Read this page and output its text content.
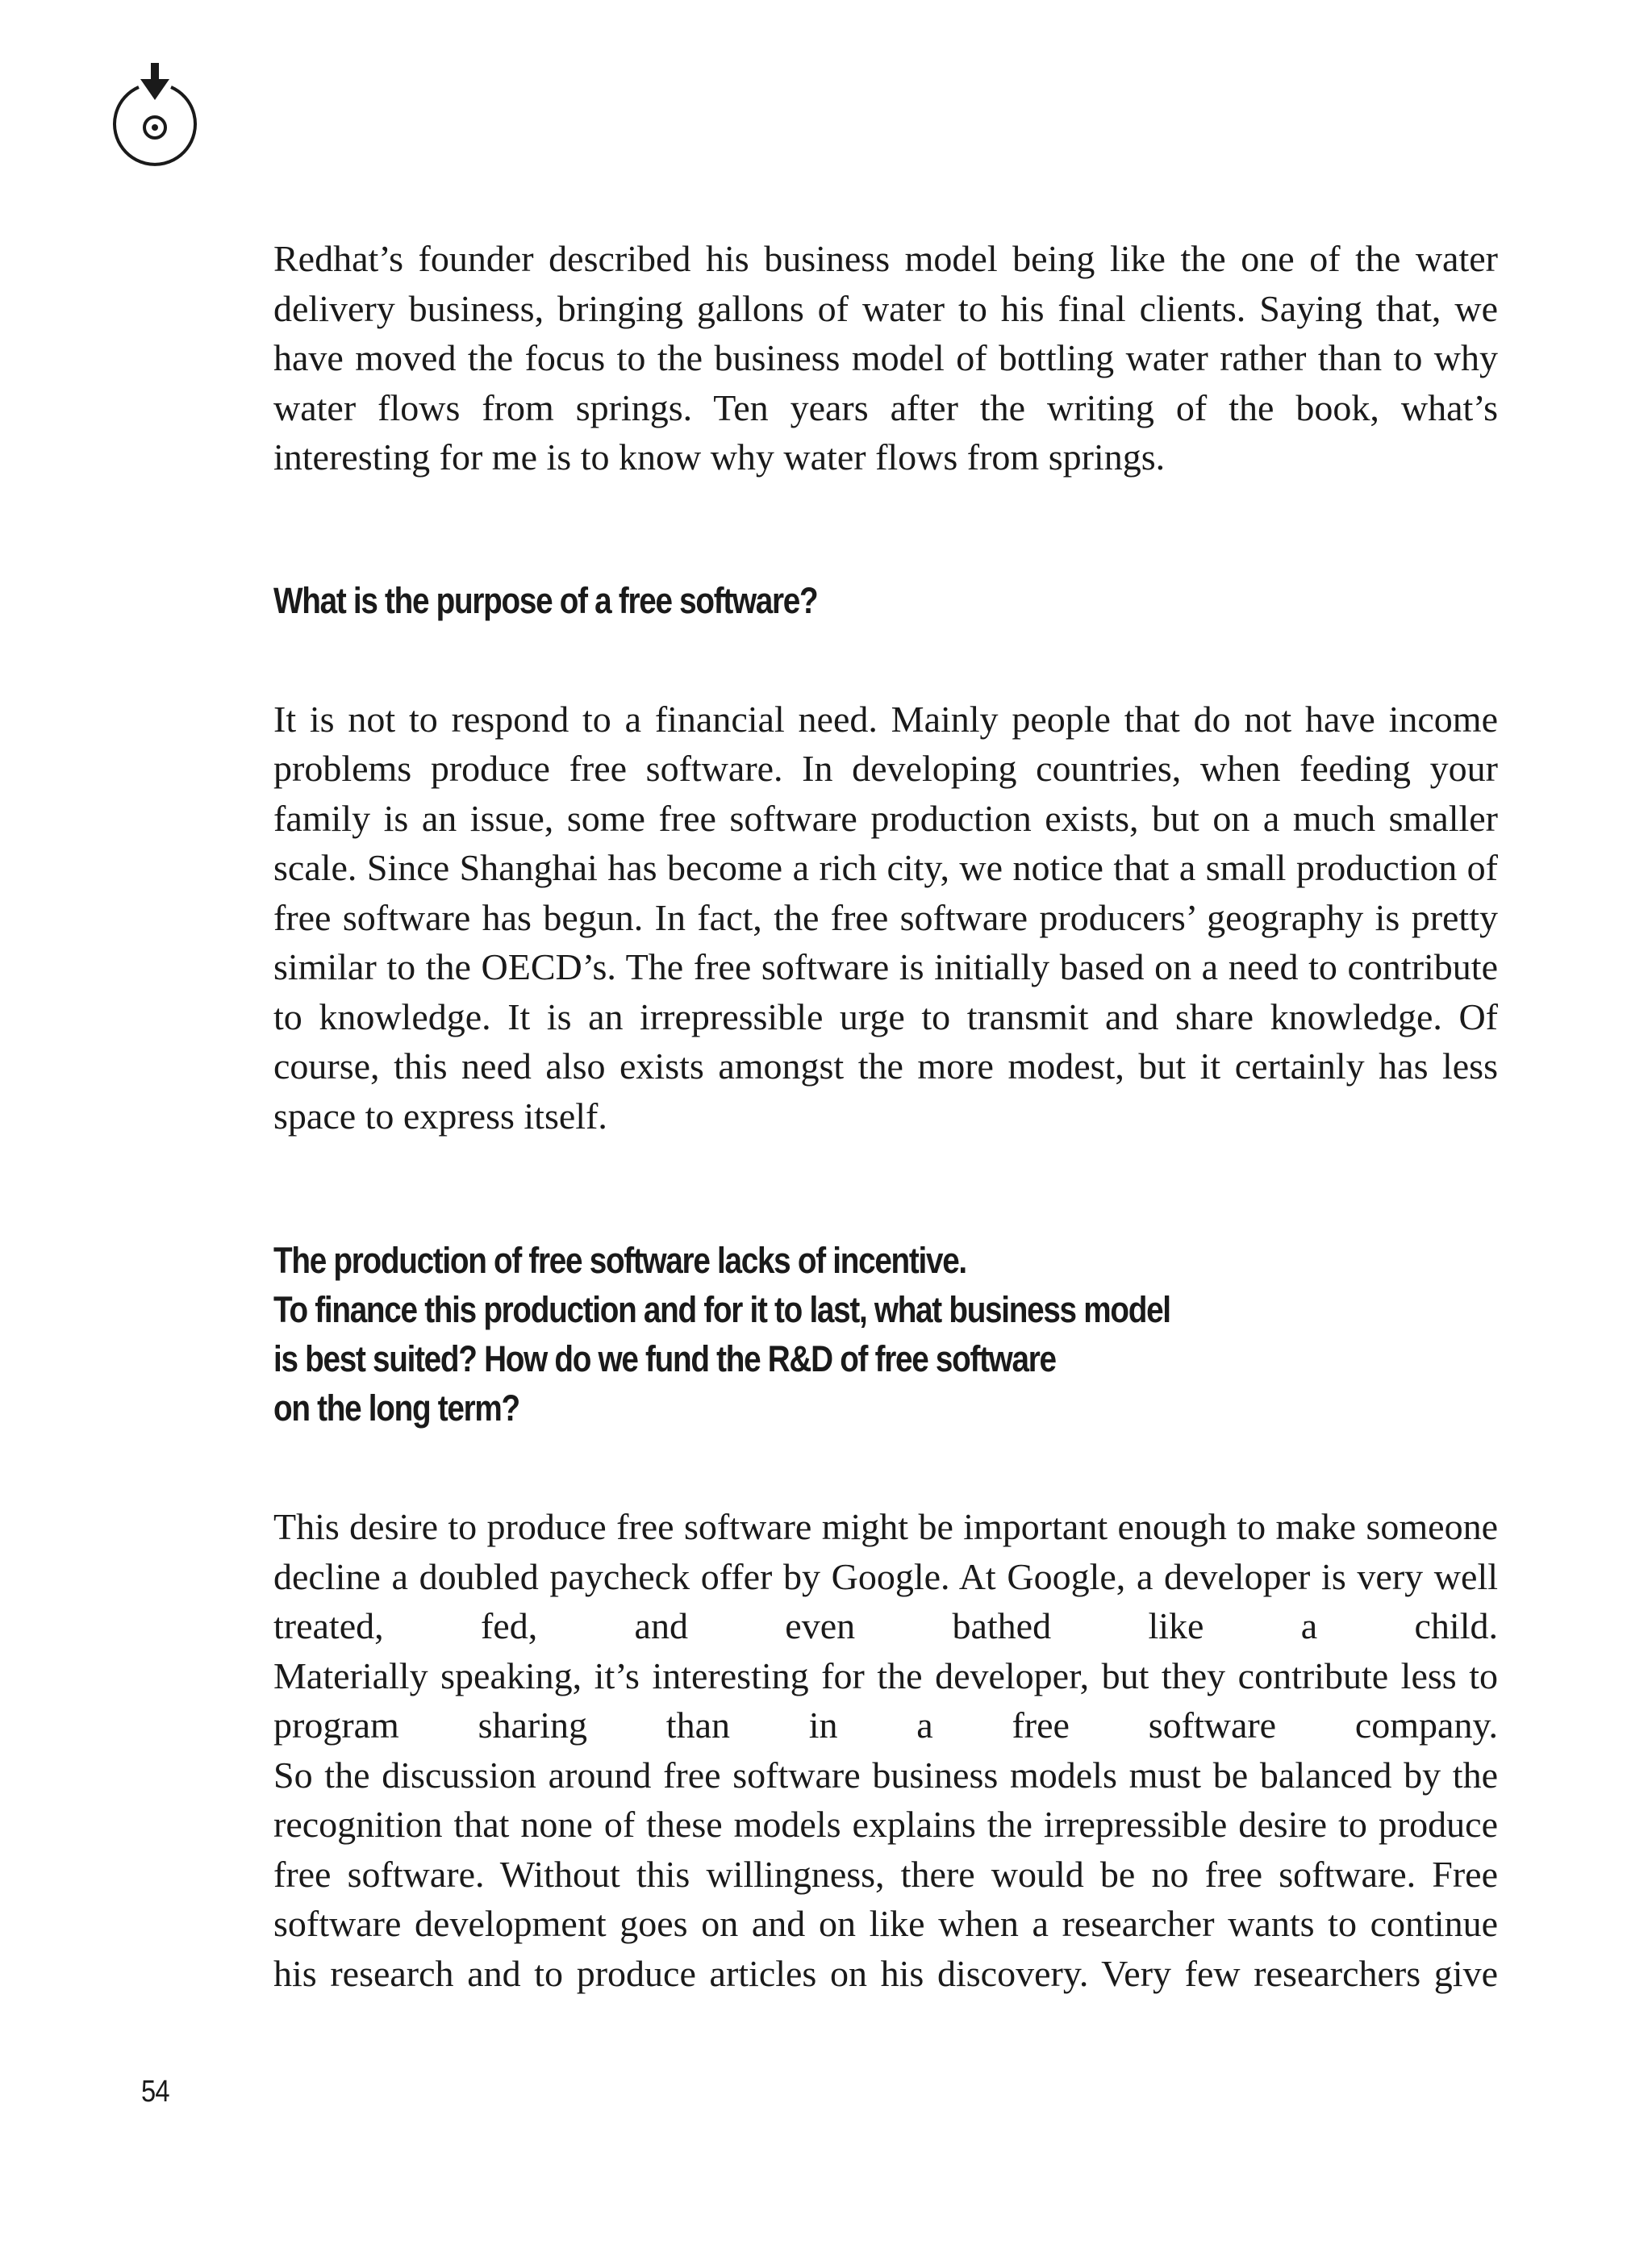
Redhat’s founder described his business model being like the one of the water delivery business, bringing gallons of water to his final clients. Saying that, we have moved the focus to the business model of bottling water rather than to why water flows from springs. Ten years after the writing of the book, what’s interesting for me is to know why water flows from springs.

What is the purpose of a free software?

It is not to respond to a financial need. Mainly people that do not have income problems produce free software. In developing countries, when feeding your family is an issue, some free software production exists, but on a much smaller scale. Since Shanghai has become a rich city, we notice that a small production of free software has begun. In fact, the free software producers’ geography is pretty similar to the OECD’s. The free software is initially based on a need to contribute to knowledge. It is an irrepressible urge to transmit and share knowledge. Of course, this need also exists amongst the more modest, but it certainly has less space to express itself.

The production of free software lacks of incentive.
To finance this production and for it to last, what business model
is best suited? How do we fund the R&D of free software
on the long term?

This desire to produce free software might be important enough to make someone decline a doubled paycheck offer by Google. At Google, a developer is very well treated, fed, and even bathed like a child.
Materially speaking, it’s interesting for the developer, but they contribute less to program sharing than in a free software company.
So the discussion around free software business models must be balanced by the recognition that none of these models explains the irrepressible desire to produce free software. Without this willingness, there would be no free software. Free software development goes on and on like when a researcher wants to continue his research and to produce articles on his discovery. Very few researchers give

54
